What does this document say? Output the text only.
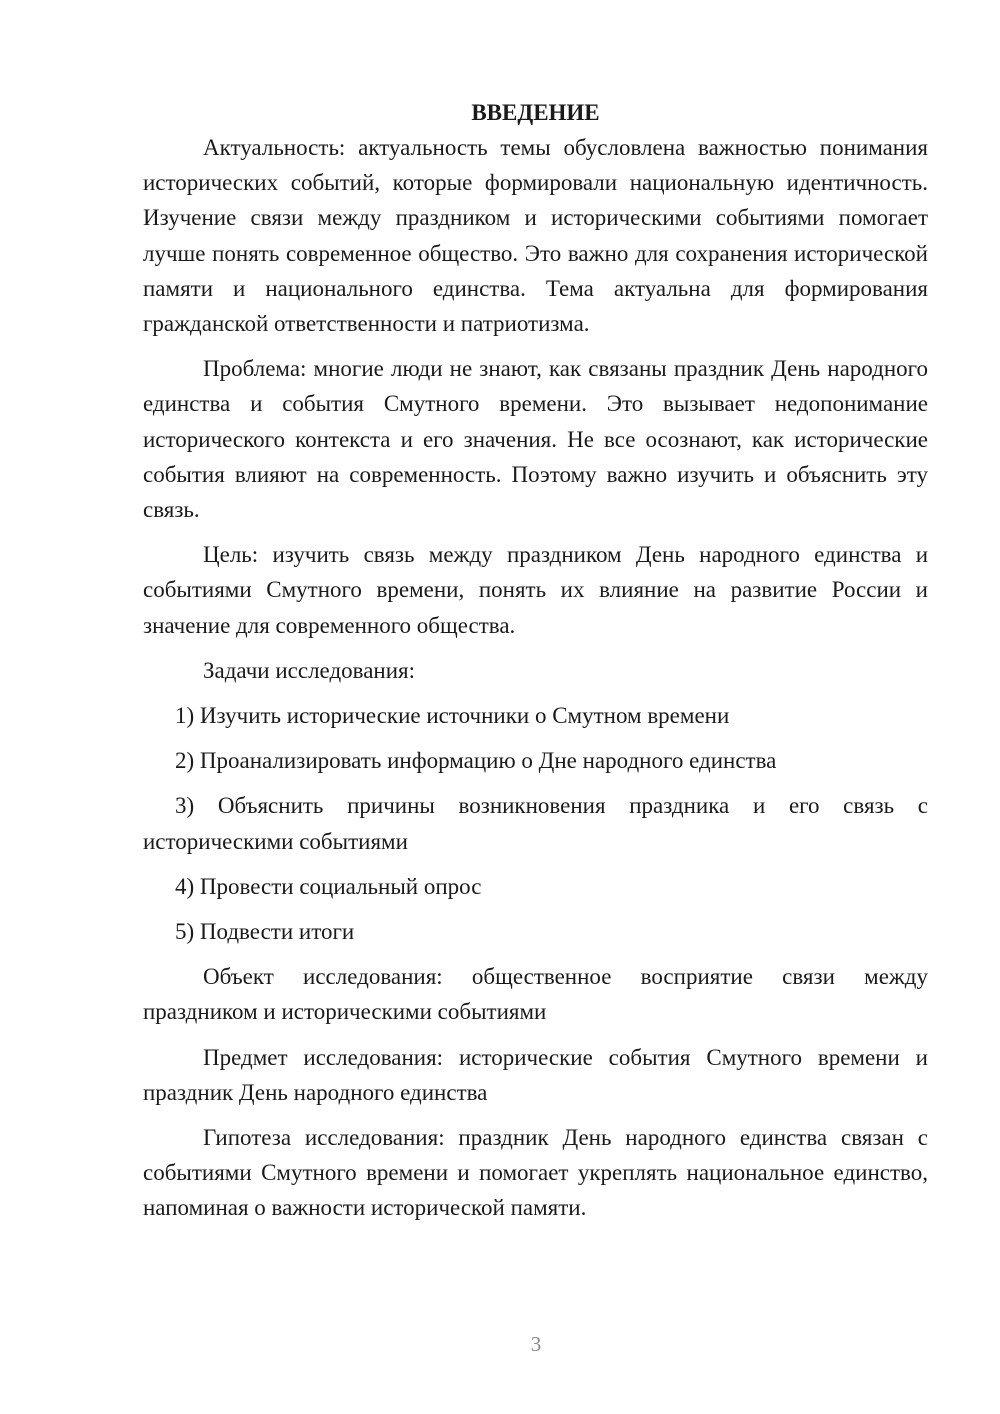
ВВЕДЕНИЕ

Актуальность: актуальность темы обусловлена важностью понимания исторических событий, которые формировали национальную идентичность. Изучение связи между праздником и историческими событиями помогает лучше понять современное общество. Это важно для сохранения исторической памяти и национального единства. Тема актуальна для формирования гражданской ответственности и патриотизма.

Проблема: многие люди не знают, как связаны праздник День народного единства и события Смутного времени. Это вызывает недопонимание исторического контекста и его значения. Не все осознают, как исторические события влияют на современность. Поэтому важно изучить и объяснить эту связь.

Цель: изучить связь между праздником День народного единства и событиями Смутного времени, понять их влияние на развитие России и значение для современного общества.

Задачи исследования:

1) Изучить исторические источники о Смутном времени

2) Проанализировать информацию о Дне народного единства

3) Объяснить причины возникновения праздника и его связь с историческими событиями

4) Провести социальный опрос

5) Подвести итоги

Объект исследования: общественное восприятие связи между праздником и историческими событиями

Предмет исследования: исторические события Смутного времени и праздник День народного единства

Гипотеза исследования: праздник День народного единства связан с событиями Смутного времени и помогает укреплять национальное единство, напоминая о важности исторической памяти.

3
